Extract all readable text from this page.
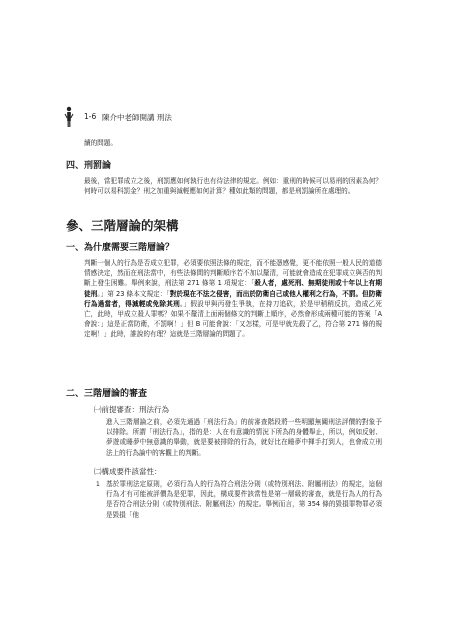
1-6 陳介中老師開講 刑法
續的問題。
四、刑罰論
最後，當犯罪成立之後，刑罰應如何執行也有待法律的規定。例如：重刑的時候可以易刑的因素為何？何時可以易科罰金？刑之加重與減輕應如何計算？種如此類的問題，都是刑罰論所在處理的。
參、三階層論的架構
一、為什麼需要三階層論？
判斷一個人的行為是否成立犯罪，必須要依照法條的規定，而不能憑感覺，更不能依照一般人民的道德情感決定，然而在刑法當中，有些法條間的判斷順序若不加以釐清，可能就會造成在犯罪成立與否的判斷上發生困難。舉例來說，刑法第 271 條第 1 項規定：「殺人者，處死刑、無期徒刑或十年以上有期徒刑。」第 23 條本文規定：「對於現在不法之侵害，而出於防衛自己或他人權利之行為，不罰。但防衛行為過當者，得減輕或免除其刑。」假設甲與丙發生爭執，在持刀追砍，於是甲稍稍反抗，造成乙死亡，此時，甲成立殺人罪嗎？如果不釐清上面兩個條文的判斷上順序，必然會形成兩種可能的答案「A 會說：」這是正當防衛，不罰啊！」但 B 可能會說：「又怎樣，可是甲就先殺了乙，符合第 271 條的規定啊！」此時，誰說的有理？這就是三階層論的問題了。
二、三階層論的審查
㈠前提審查：刑法行為
進入三階層論之前，必須先通過「刑法行為」的前審查階段將一些明顯無關刑法評價的對象予以排除。所謂「刑法行為」，指的是：人在有意識的情況下所為的身體舉止，所以，例如反射、夢遊或睡夢中無意識的舉動，就是要被排除的行為，就好比在睡夢中揮手打到人，也會成立刑法上的行為論中的客觀上的判斷。
㈡構成要件該當性：
1 基於罪刑法定原則，必須行為人的行為符合刑法分則（或特別刑法、附屬刑法）的規定，這個行為才有可能被評價為是犯罪，因此，構成要件該當性是第一層級的審查，就是行為人的行為是否符合刑法分則（或特別刑法、附屬刑法）的規定。舉例而言，第 354 條的毀損罪物罪必須是毀損「他
